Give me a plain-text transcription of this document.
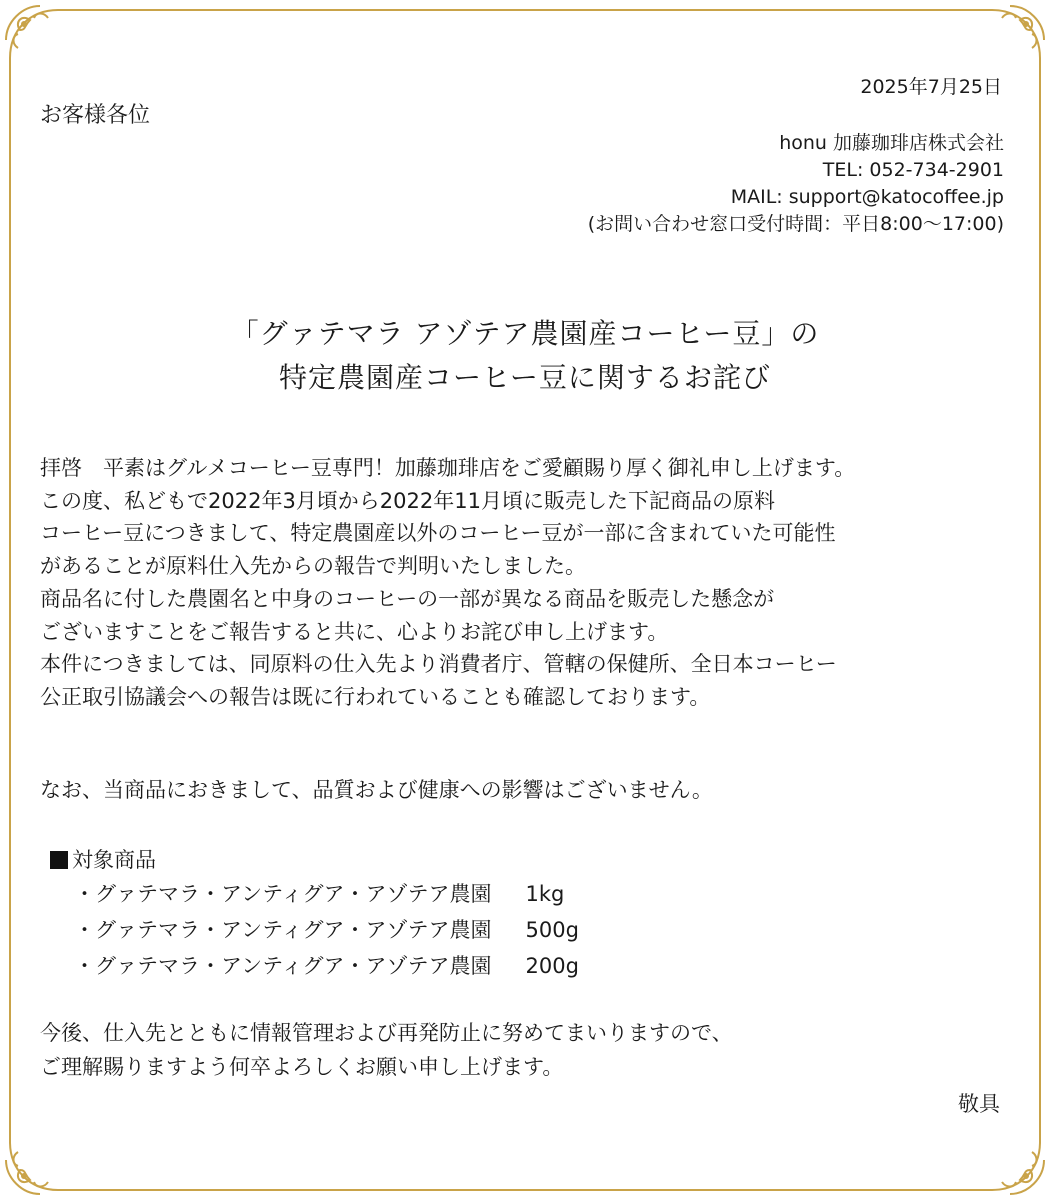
2025年7月25日
お客様各位
honu 加藤珈琲店株式会社
TEL: 052-734-2901
MAIL: support@katocoffee.jp
(お問い合わせ窓口受付時間：平日8:00～17:00)
「グァテマラ アゾテア農園産コーヒー豆」の
特定農園産コーヒー豆に関するお詫び
拝啓　平素はグルメコーヒー豆専門！加藤珈琲店をご愛顧賜り厚く御礼申し上げます。
この度、私どもで2022年3月頃から2022年11月頃に販売した下記商品の原料
コーヒー豆につきまして、特定農園産以外のコーヒー豆が一部に含まれていた可能性
があることが原料仕入先からの報告で判明いたしました。
商品名に付した農園名と中身のコーヒーの一部が異なる商品を販売した懸念が
ございますことをご報告すると共に、心よりお詫び申し上げます。
本件につきましては、同原料の仕入先より消費者庁、管轄の保健所、全日本コーヒー
公正取引協議会への報告は既に行われていることも確認しております。
なお、当商品におきまして、品質および健康への影響はございません。
対象商品
・グァテマラ・アンティグア・アゾテア農園 1kg
・グァテマラ・アンティグア・アゾテア農園 500g
・グァテマラ・アンティグア・アゾテア農園 200g
今後、仕入先とともに情報管理および再発防止に努めてまいりますので、
ご理解賜りますよう何卒よろしくお願い申し上げます。
敬具
